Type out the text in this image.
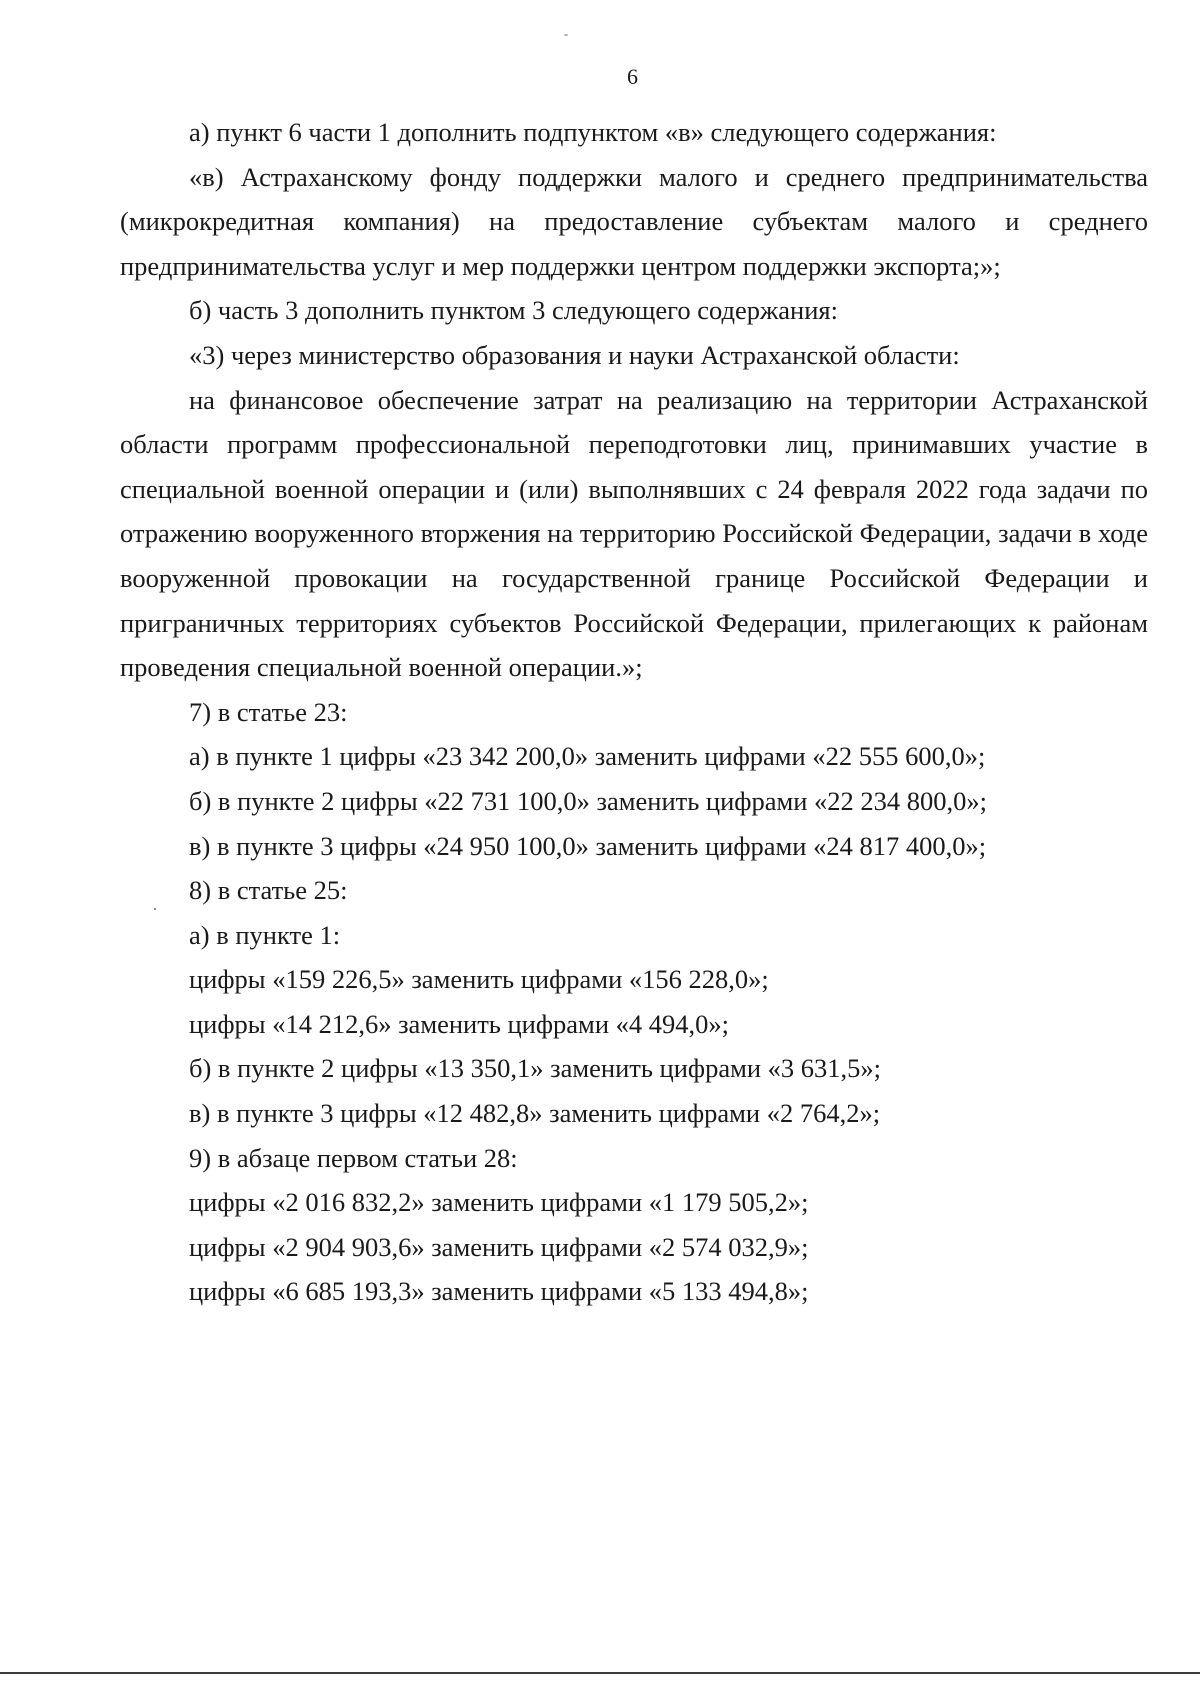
6

а) пункт 6 части 1 дополнить подпунктом «в» следующего содержания:

«в) Астраханскому фонду поддержки малого и среднего предпринимательства (микрокредитная компания) на предоставление субъектам малого и среднего предпринимательства услуг и мер поддержки центром поддержки экспорта;»;

б) часть 3 дополнить пунктом 3 следующего содержания:

«3) через министерство образования и науки Астраханской области:

на финансовое обеспечение затрат на реализацию на территории Астраханской области программ профессиональной переподготовки лиц, принимавших участие в специальной военной операции и (или) выполнявших с 24 февраля 2022 года задачи по отражению вооруженного вторжения на территорию Российской Федерации, задачи в ходе вооруженной провокации на государственной границе Российской Федерации и приграничных территориях субъектов Российской Федерации, прилегающих к районам проведения специальной военной операции.»;

7) в статье 23:

а) в пункте 1 цифры «23 342 200,0» заменить цифрами «22 555 600,0»;

б) в пункте 2 цифры «22 731 100,0» заменить цифрами «22 234 800,0»;

в) в пункте 3 цифры «24 950 100,0» заменить цифрами «24 817 400,0»;

8) в статье 25:

а) в пункте 1:

цифры «159 226,5» заменить цифрами «156 228,0»;

цифры «14 212,6» заменить цифрами «4 494,0»;

б) в пункте 2 цифры «13 350,1» заменить цифрами «3 631,5»;

в) в пункте 3 цифры «12 482,8» заменить цифрами «2 764,2»;

9) в абзаце первом статьи 28:

цифры «2 016 832,2» заменить цифрами «1 179 505,2»;

цифры «2 904 903,6» заменить цифрами «2 574 032,9»;

цифры «6 685 193,3» заменить цифрами «5 133 494,8»;
